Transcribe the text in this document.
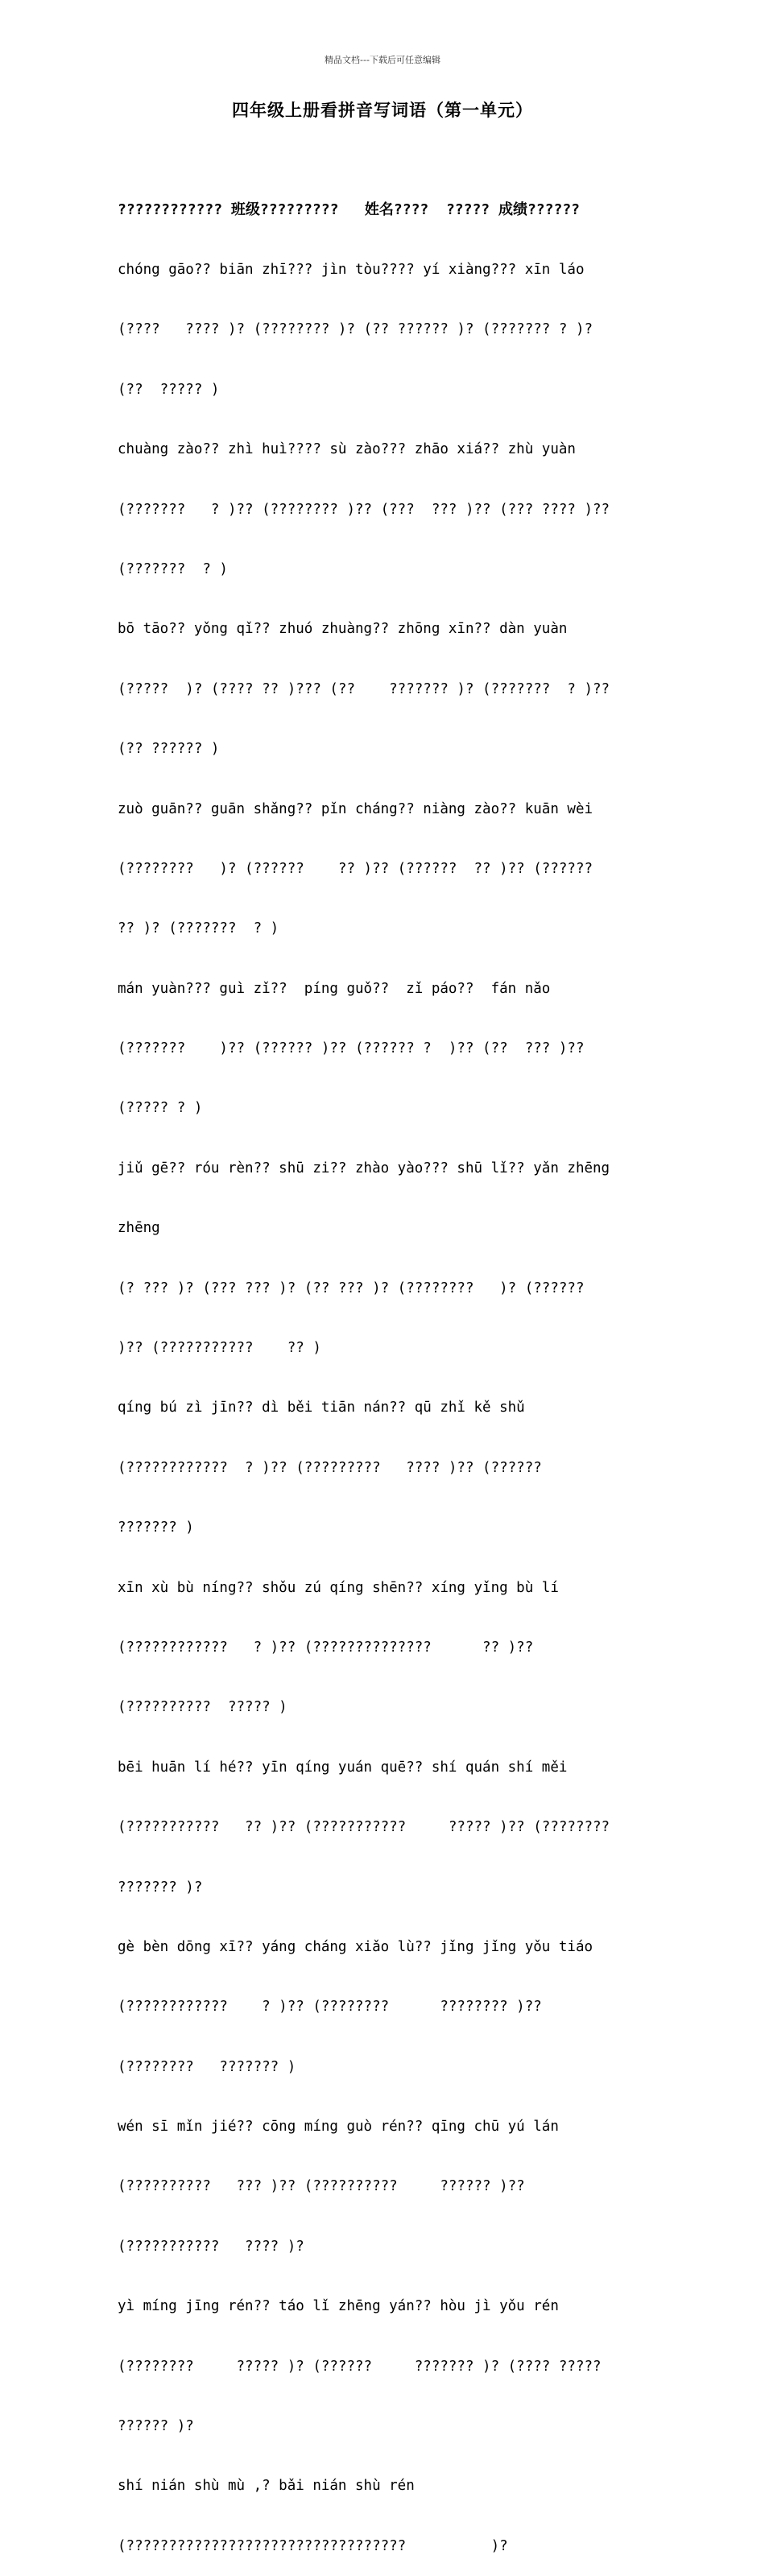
精品文档---下载后可任意编辑
四年级上册看拼音写词语（第一单元）

???????????? 班级?????????   姓名????  ????? 成绩??????

chóng gāo?? biān zhī??? jìn tòu???? yí xiàng??? xīn láo

(????   ???? )? (???????? )? (?? ?????? )? (??????? ? )?

(??  ????? )

chuàng zào?? zhì huì???? sù zào??? zhāo xiá?? zhù yuàn

(???????   ? )?? (???????? )?? (???  ??? )?? (??? ???? )??

(???????  ? )

bō tāo?? yǒng qǐ?? zhuó zhuàng?? zhōng xīn?? dàn yuàn

(?????  )? (???? ?? )??? (??    ??????? )? (???????  ? )??

(?? ?????? )

zuò guān?? guān shǎng?? pǐn cháng?? niàng zào?? kuān wèi

(????????   )? (??????    ?? )?? (??????  ?? )?? (??????

?? )? (???????  ? )

mán yuàn??? guì zǐ??  píng guǒ??  zǐ páo??  fán nǎo

(???????    )?? (?????? )?? (?????? ?  )?? (??  ??? )??

(????? ? )

jiǔ gē?? róu rèn?? shū zi?? zhào yào??? shū lǐ?? yǎn zhēng

zhēng

(? ??? )? (??? ??? )? (?? ??? )? (????????   )? (??????

)?? (???????????    ?? )

qíng bú zì jīn?? dì běi tiān nán?? qū zhǐ kě shǔ

(????????????  ? )?? (?????????   ???? )?? (??????

??????? )

xīn xù bù níng?? shǒu zú qíng shēn?? xíng yǐng bù lí

(????????????   ? )?? (??????????????      ?? )??

(??????????  ????? )

bēi huān lí hé?? yīn qíng yuán quē?? shí quán shí měi

(???????????   ?? )?? (???????????     ????? )?? (????????

??????? )?

gè bèn dōng xī?? yáng cháng xiǎo lù?? jǐng jǐng yǒu tiáo

(????????????    ? )?? (????????      ???????? )??

(????????   ??????? )

wén sī mǐn jié?? cōng míng guò rén?? qīng chū yú lán

(??????????   ??? )?? (??????????     ?????? )??

(???????????   ???? )?

yì míng jīng rén?? táo lǐ zhēng yán?? hòu jì yǒu rén

(????????     ????? )? (??????     ??????? )? (???? ?????

?????? )?

shí nián shù mù ,? bǎi nián shù rén

(?????????????????????????????????          )?
